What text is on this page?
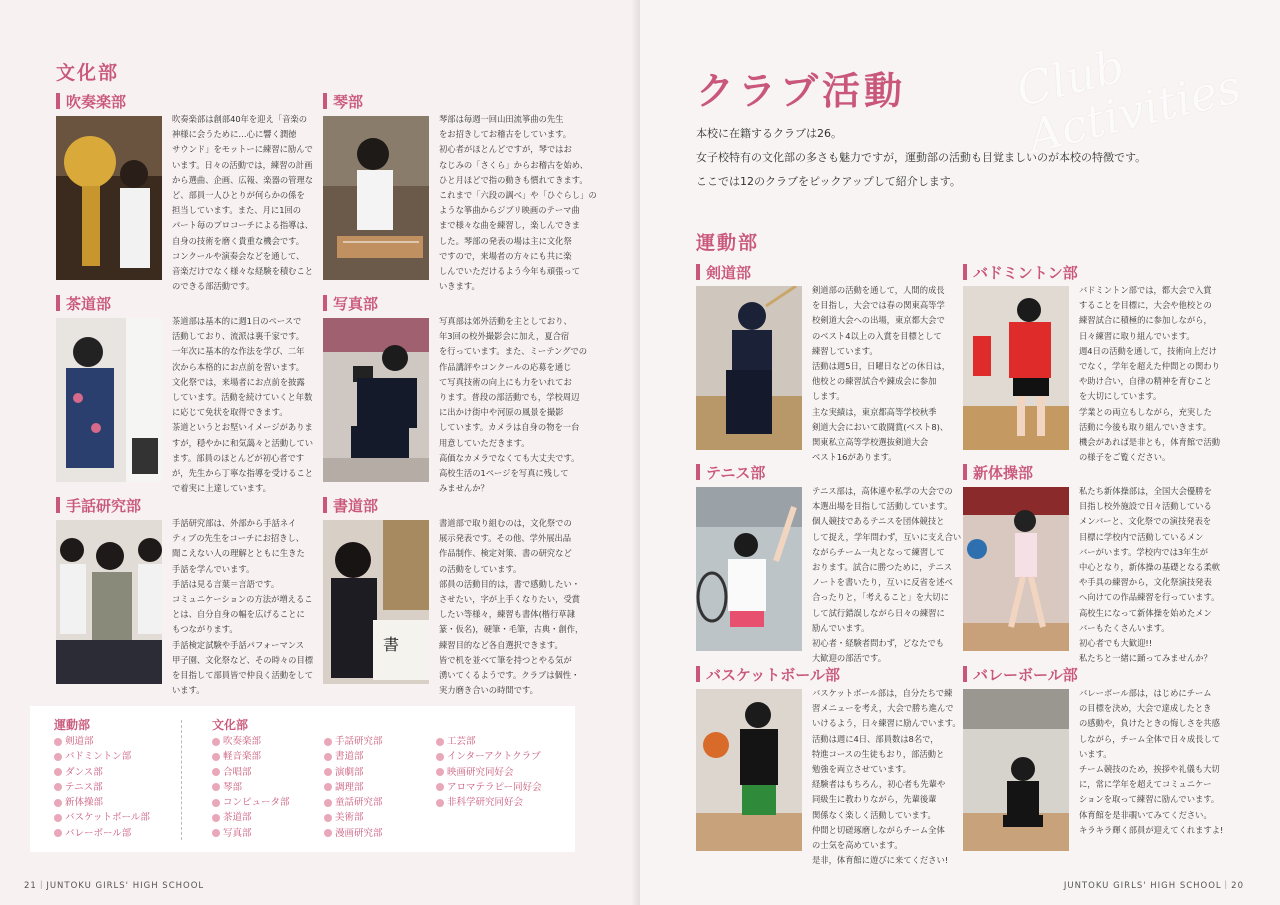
文化部
吹奏楽部
吹奏楽部は創部40年を迎え「音楽の
神様に会うために…心に響く潤徳
サウンド」をモットーに練習に励んで
います。日々の活動では，練習の計画
から選曲、企画、広報、楽器の管理な
ど、部員一人ひとりが何らかの係を
担当しています。また、月に1回の
パート毎のプロコーチによる指導は、
自身の技術を磨く貴重な機会です。
コンクールや演奏会などを通して、
音楽だけでなく様々な経験を積むこと
のできる部活動です。
琴部
琴部は毎週一回山田流箏曲の先生
をお招きしてお稽古をしています。
初心者がほとんどですが，琴ではお
なじみの「さくら」からお稽古を始め、
ひと月ほどで指の動きも慣れてきます。
これまで「六段の調べ」や「ひぐらし」の
ような箏曲からジブリ映画のテーマ曲
まで様々な曲を練習し，楽しんできま
した。琴部の発表の場は主に文化祭
ですので，来場者の方々にも共に楽
しんでいただけるよう今年も頑張って
いきます。
茶道部
茶道部は基本的に週1日のペースで
活動しており、流派は裏千家です。
一年次に基本的な作法を学び、二年
次から本格的にお点前を習います。
文化祭では，来場者にお点前を披露
しています。活動を続けていくと年数
に応じて免状を取得できます。
茶道というとお堅いイメージがありま
すが，穏やかに和気藹々と活動してい
ます。部員のほとんどが初心者です
が，先生から丁寧な指導を受けること
で着実に上達しています。
写真部
写真部は郊外活動を主としており、
年3回の校外撮影会に加え，夏合宿
を行っています。また、ミーテングでの
作品講評やコンクールの応募を通じ
て写真技術の向上にも力をいれてお
ります。普段の部活動でも，学校周辺
に出かけ街中や河原の風景を撮影
しています。カメラは自身の物を一台
用意していただきます。
高価なカメラでなくても大丈夫です。
高校生活の1ページを写真に残して
みませんか？
手話研究部
手話研究部は、外部から手話ネイ
ティブの先生をコーチにお招きし、
聞こえない人の理解とともに生きた
手話を学んでいます。
手話は見る言葉＝言語です。
コミュニケーションの方法が増えるこ
とは、自分自身の幅を広げることに
もつながります。
手話検定試験や手話パフォーマンス
甲子園、文化祭など、その時々の目標
を目指して部員皆で仲良く活動をして
います。
書道部
書
書道部で取り組むのは，文化祭での
展示発表です。その他、学外展出品
作品制作、検定対策、書の研究など
の活動をしています。
部員の活動目的は，書で感動したい・
させたい，字が上手くなりたい，受賞
したい等様々，練習も書体(楷行草隷
篆・仮名)，硬筆・毛筆，古典・創作，
練習目的など各自選択できます。
皆で机を並べて筆を持つとやる気が
湧いてくるようです。クラブは個性・
実力磨き合いの時間です。
運動部
剣道部
バドミントン部
ダンス部
テニス部
新体操部
バスケットボール部
バレーボール部
文化部
吹奏楽部
軽音楽部
合唱部
琴部
コンピュータ部
茶道部
写真部
手話研究部
書道部
演劇部
調理部
童話研究部
美術部
漫画研究部
工芸部
インターアクトクラブ
映画研究同好会
アロマテラピー同好会
非科学研究同好会
21｜JUNTOKU GIRLS' HIGH SCHOOL
Club
Activities
クラブ活動
本校に在籍するクラブは26。
女子校特有の文化部の多さも魅力ですが，運動部の活動も目覚ましいのが本校の特徴です。
ここでは12のクラブをピックアップして紹介します。
運動部
剣道部
剣道部の活動を通して，人間的成長
を目指し，大会では春の関東高等学
校剣道大会への出場，東京都大会で
のベスト4以上の入賞を目標として
練習しています。
活動は週5日，日曜日などの休日は，
他校との練習試合や錬成会に参加
します。
主な実績は，東京都高等学校秋季
剣道大会において敢闘賞(ベスト8)、
関東私立高等学校選抜剣道大会
ベスト16があります。
バドミントン部
バドミントン部では，都大会で入賞
することを目標に，大会や他校との
練習試合に積極的に参加しながら，
日々練習に取り組んでいます。
週4日の活動を通して，技術向上だけ
でなく，学年を超えた仲間との関わり
や助け合い，自律の精神を育むこと
を大切にしています。
学業との両立もしながら，充実した
活動に今後も取り組んでいきます。
機会があれば是非とも，体育館で活動
の様子をご覧ください。
テニス部
テニス部は，高体連や私学の大会での
本選出場を目指して活動しています。
個人競技であるテニスを団体競技と
して捉え，学年問わず，互いに支え合い
ながらチーム一丸となって練習して
おります。試合に勝つために，テニス
ノートを書いたり，互いに反省を述べ
合ったりと，「考えること」を大切に
して試行錯誤しながら日々の練習に
励んでいます。
初心者・経験者問わず，どなたでも
大歓迎の部活です。
新体操部
私たち新体操部は，全国大会優勝を
目指し校外施設で日々活動している
メンバーと、文化祭での演技発表を
目標に学校内で活動しているメン
バーがいます。学校内では3年生が
中心となり，新体操の基礎となる柔軟
や手具の練習から，文化祭演技発表
へ向けての作品練習を行っています。
高校生になって新体操を始めたメン
バーもたくさんいます。
初心者でも大歓迎!!
私たちと一緒に踊ってみませんか？
バスケットボール部
バスケットボール部は，自分たちで練
習メニューを考え，大会で勝ち進んで
いけるよう，日々練習に励んでいます。
活動は週に4日、部員数は8名で，
特進コースの生徒もおり，部活動と
勉強を両立させています。
経験者はもちろん，初心者も先輩や
同級生に教わりながら，先輩後輩
関係なく楽しく活動しています。
仲間と切磋琢磨しながらチーム全体
の士気を高めています。
是非，体育館に遊びに来てください!
バレーボール部
バレーボール部は，はじめにチーム
の目標を決め，大会で達成したとき
の感動や，負けたときの悔しさを共感
しながら，チーム全体で日々成長して
います。
チーム競技のため，挨拶や礼儀も大切
に，常に学年を超えてコミュニケー
ションを取って練習に励んでいます。
体育館を是非覗いてみてください。
キラキラ輝く部員が迎えてくれますよ!
JUNTOKU GIRLS' HIGH SCHOOL｜20
